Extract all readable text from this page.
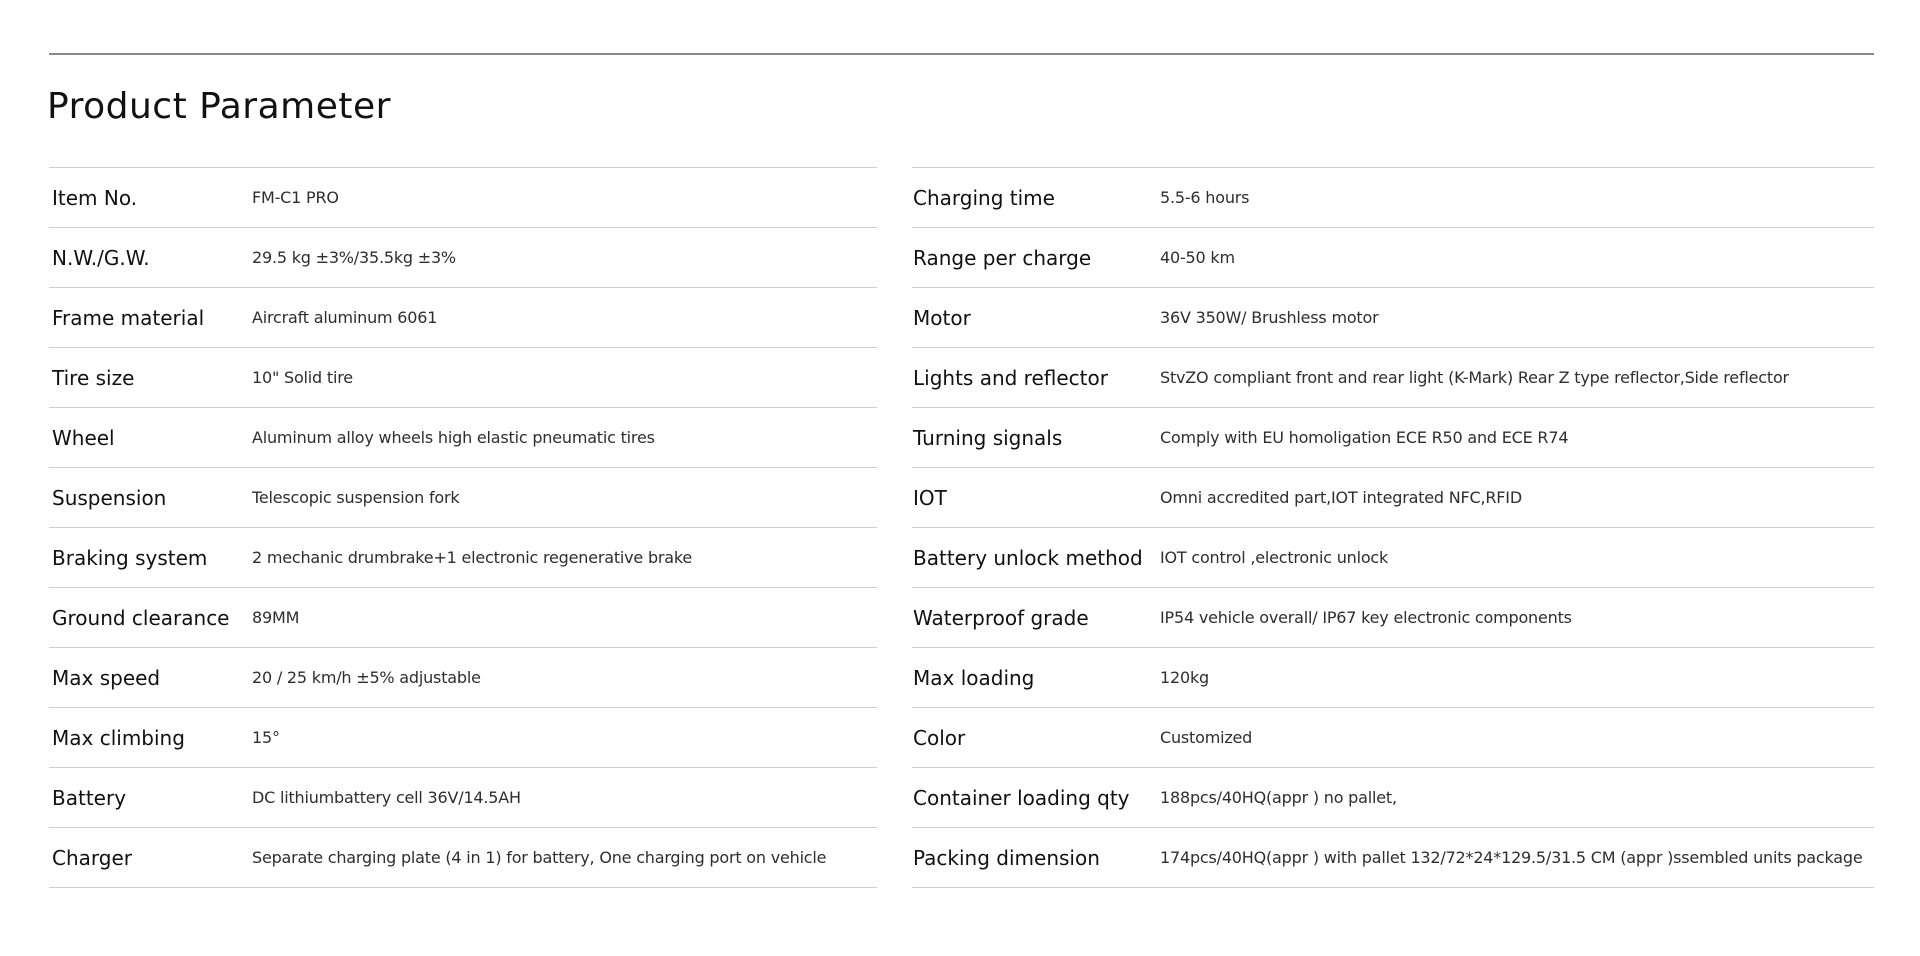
Product Parameter
Item No.	FM-C1 PRO
N.W./G.W.	29.5 kg ±3%/35.5kg ±3%
Frame material	Aircraft aluminum 6061
Tire size	10" Solid tire
Wheel	Aluminum alloy wheels high elastic pneumatic tires
Suspension	Telescopic suspension fork
Braking system	2 mechanic drumbrake+1 electronic regenerative brake
Ground clearance	89MM
Max speed	20 / 25 km/h ±5% adjustable
Max climbing	15°
Battery	DC lithiumbattery cell 36V/14.5AH
Charger	Separate charging plate (4 in 1) for battery, One charging port on vehicle
Charging time	5.5-6 hours
Range per charge	40-50 km
Motor	36V 350W/ Brushless motor
Lights and reflector	StvZO compliant front and rear light (K-Mark) Rear Z type reflector,Side reflector
Turning signals	Comply with EU homoligation ECE R50 and ECE R74
IOT	Omni accredited part,IOT integrated NFC,RFID
Battery unlock method	IOT control ,electronic unlock
Waterproof grade	IP54 vehicle overall/ IP67 key electronic components
Max loading	120kg
Color	Customized
Container loading qty	188pcs/40HQ(appr ) no pallet,
Packing dimension	174pcs/40HQ(appr ) with pallet 132/72*24*129.5/31.5 CM (appr )ssembled units package
